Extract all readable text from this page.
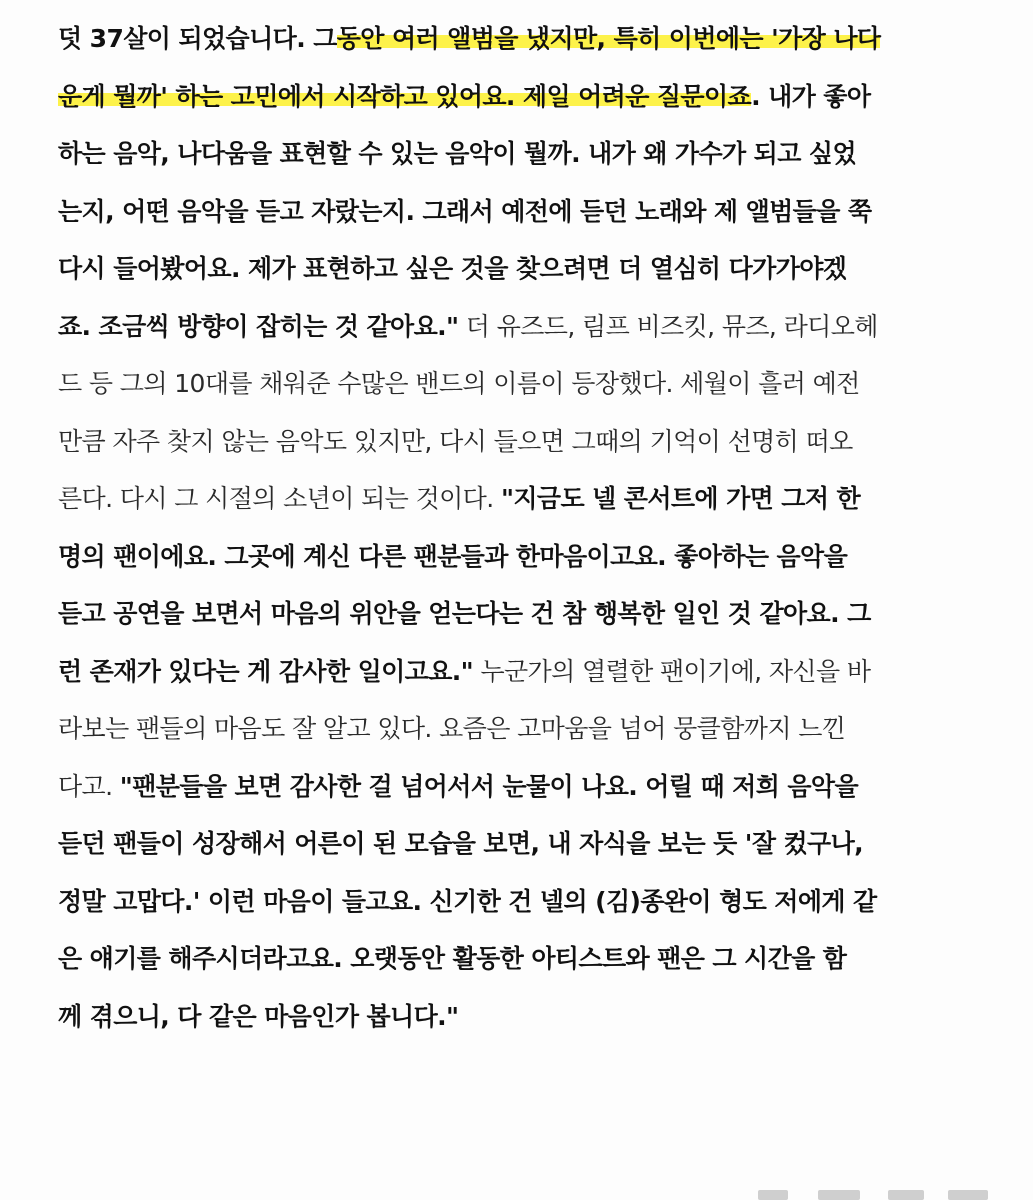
덧 37살이 되었습니다. 그동안 여러 앨범을 냈지만, 특히 이번에는 '가장 나다
운게 뭘까' 하는 고민에서 시작하고 있어요. 제일 어려운 질문이죠. 내가 좋아
하는 음악, 나다움을 표현할 수 있는 음악이 뭘까. 내가 왜 가수가 되고 싶었
는지, 어떤 음악을 듣고 자랐는지. 그래서 예전에 듣던 노래와 제 앨범들을 쭉
다시 들어봤어요. 제가 표현하고 싶은 것을 찾으려면 더 열심히 다가가야겠
죠. 조금씩 방향이 잡히는 것 같아요." 더 유즈드, 림프 비즈킷, 뮤즈, 라디오헤
드 등 그의 10대를 채워준 수많은 밴드의 이름이 등장했다. 세월이 흘러 예전
만큼 자주 찾지 않는 음악도 있지만, 다시 들으면 그때의 기억이 선명히 떠오
른다. 다시 그 시절의 소년이 되는 것이다. "지금도 넬 콘서트에 가면 그저 한
명의 팬이에요. 그곳에 계신 다른 팬분들과 한마음이고요. 좋아하는 음악을
듣고 공연을 보면서 마음의 위안을 얻는다는 건 참 행복한 일인 것 같아요. 그
런 존재가 있다는 게 감사한 일이고요." 누군가의 열렬한 팬이기에, 자신을 바
라보는 팬들의 마음도 잘 알고 있다. 요즘은 고마움을 넘어 뭉클함까지 느낀
다고. "팬분들을 보면 감사한 걸 넘어서서 눈물이 나요. 어릴 때 저희 음악을
듣던 팬들이 성장해서 어른이 된 모습을 보면, 내 자식을 보는 듯 '잘 컸구나,
정말 고맙다.' 이런 마음이 들고요. 신기한 건 넬의 (김)종완이 형도 저에게 같
은 얘기를 해주시더라고요. 오랫동안 활동한 아티스트와 팬은 그 시간을 함
께 겪으니, 다 같은 마음인가 봅니다."
